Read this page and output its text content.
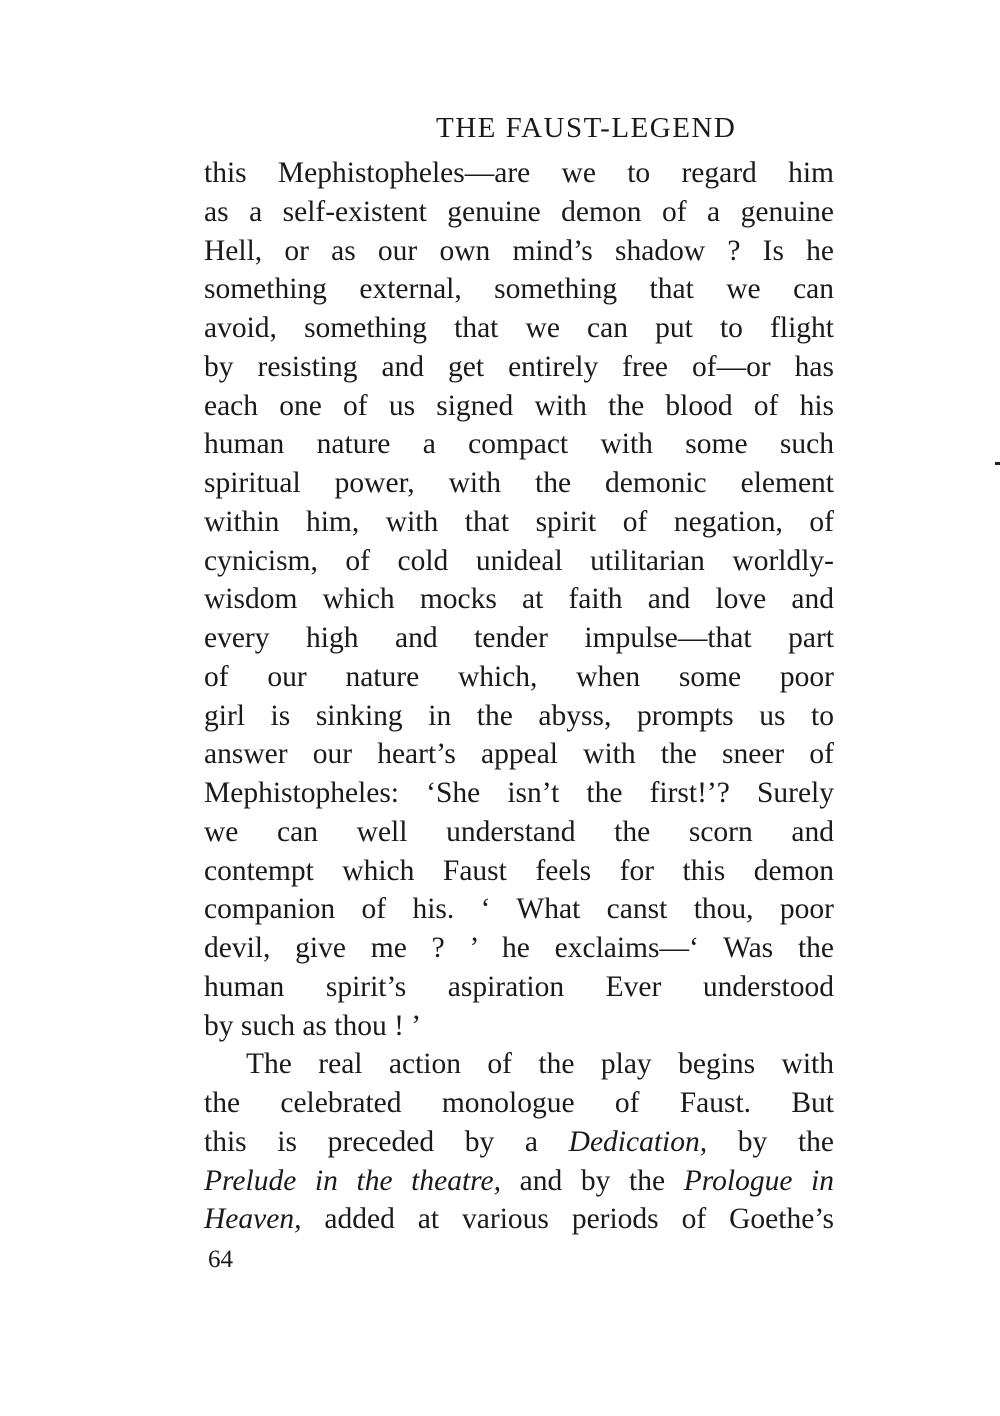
THE FAUST-LEGEND
this Mephistopheles—are we to regard him
as a self-existent genuine demon of a genuine
Hell, or as our own mind’s shadow ? Is he
something external, something that we can
avoid, something that we can put to flight
by resisting and get entirely free of—or has
each one of us signed with the blood of his
human nature a compact with some such
spiritual power, with the demonic element
within him, with that spirit of negation, of
cynicism, of cold unideal utilitarian worldly-
wisdom which mocks at faith and love and
every high and tender impulse—that part
of our nature which, when some poor
girl is sinking in the abyss, prompts us to
answer our heart’s appeal with the sneer of
Mephistopheles: ‘She isn’t the first!’? Surely
we can well understand the scorn and
contempt which Faust feels for this demon
companion of his. ‘ What canst thou, poor
devil, give me ? ’ he exclaims—‘ Was the
human spirit’s aspiration Ever understood
by such as thou ! ’
The real action of the play begins with
the celebrated monologue of Faust. But
this is preceded by a Dedication, by the
Prelude in the theatre, and by the Prologue in
Heaven, added at various periods of Goethe’s
64
